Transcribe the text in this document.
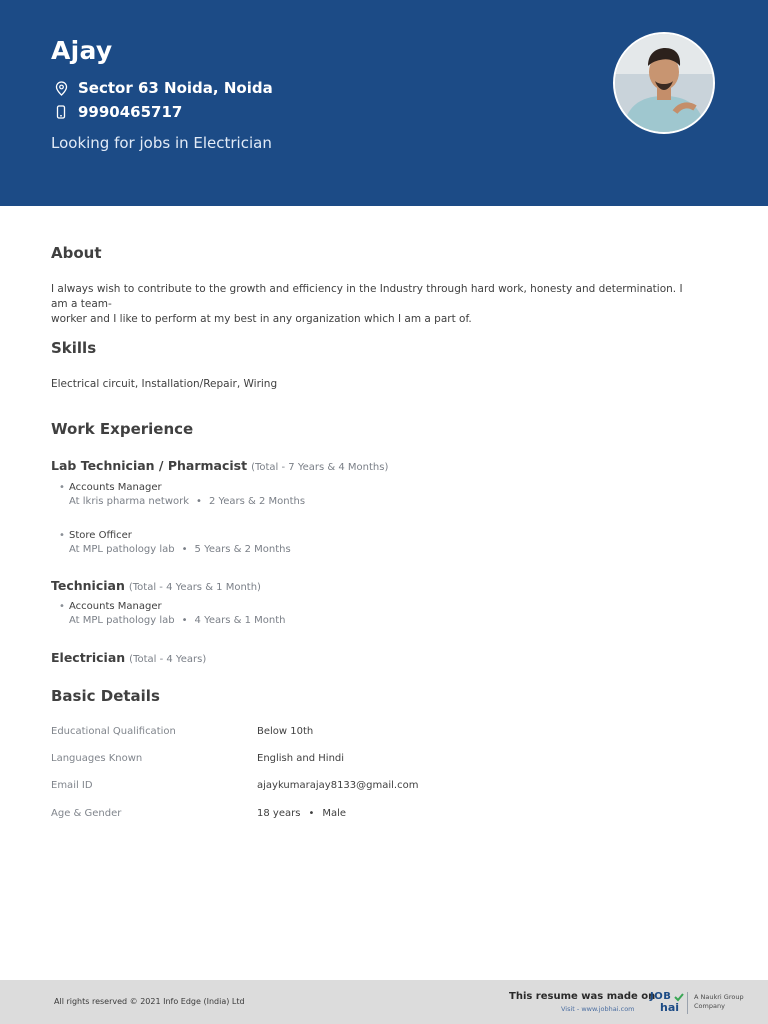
Ajay
Sector 63 Noida, Noida
9990465717
Looking for jobs in Electrician
About
I always wish to contribute to the growth and efficiency in the Industry through hard work, honesty and determination. I am a team-
worker and I like to perform at my best in any organization which I am a part of.
Skills
Electrical circuit, Installation/Repair, Wiring
Work Experience
Lab Technician / Pharmacist (Total - 7 Years & 4 Months)
• Accounts Manager
At lkris pharma network • 2 Years & 2 Months
• Store Officer
At MPL pathology lab • 5 Years & 2 Months
Technician (Total - 4 Years & 1 Month)
• Accounts Manager
At MPL pathology lab • 4 Years & 1 Month
Electrician (Total - 4 Years)
Basic Details
Educational Qualification	Below 10th
Languages Known	English and Hindi
Email ID	ajaykumarajay8133@gmail.com
Age & Gender	18 years • Male
All rights reserved © 2021 Info Edge (India) Ltd	This resume was made on
Visit - www.jobhai.com
JOB
hai
A Naukri Group
Company
